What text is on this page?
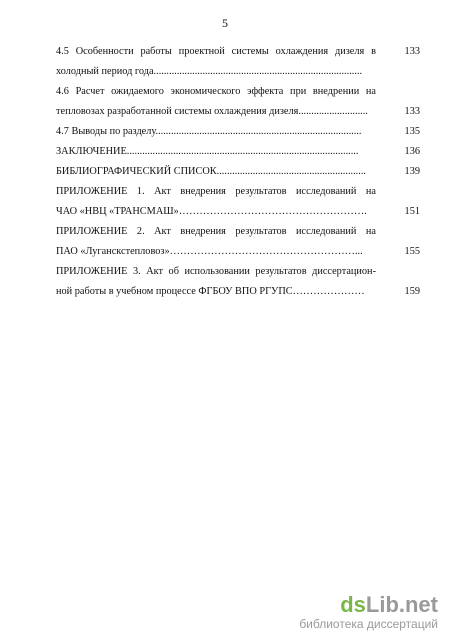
5
4.5 Особенности работы проектной системы охлаждения дизеля в	133
холодный период года.................................................................................
4.6 Расчет ожидаемого экономического эффекта при внедрении на
тепловозах разработанной системы охлаждения дизеля...........................	133
4.7 Выводы по разделу................................................................................	135
ЗАКЛЮЧЕНИЕ..........................................................................................	136
БИБЛИОГРАФИЧЕСКИЙ СПИСОК..........................................................	139
ПРИЛОЖЕНИЕ 1. Акт внедрения результатов исследований на
ЧАО «НВЦ «ТРАНСМАШ»……………………………………………….	151
ПРИЛОЖЕНИЕ 2. Акт внедрения результатов исследований на
ПАО «Луганскстепловоз»………………………………………………...	155
ПРИЛОЖЕНИЕ 3. Акт об использовании результатов диссертацион-
ной работы в учебном процессе ФГБОУ ВПО РГУПС…………………	159
dsLib.net
библиотека диссертаций
